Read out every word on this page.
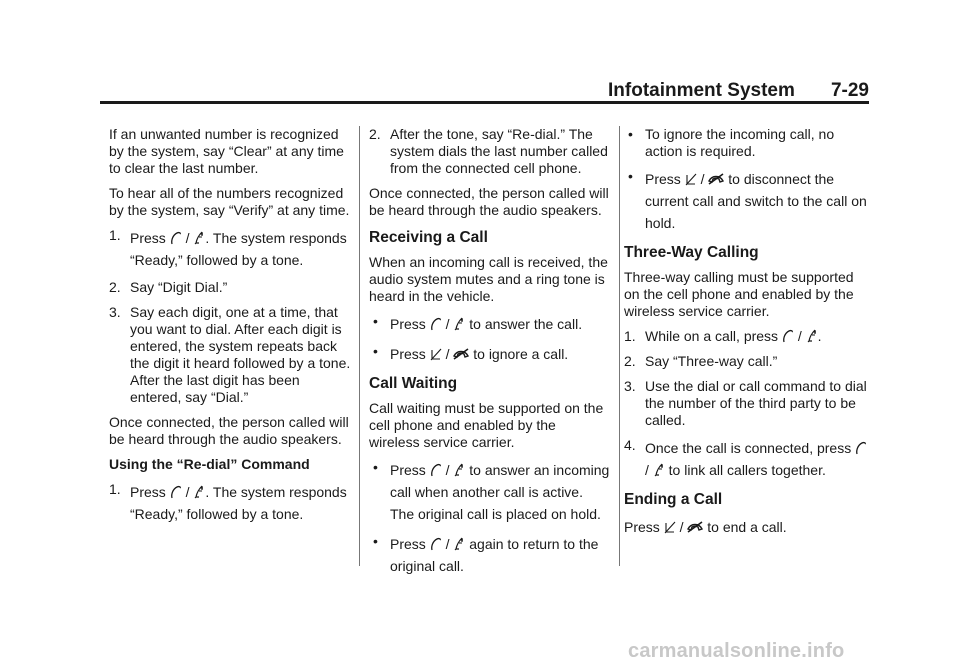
Infotainment System 7-29

If an unwanted number is recognized by the system, say “Clear” at any time to clear the last number.

To hear all of the numbers recognized by the system, say “Verify” at any time.

1. Press
/ . The system responds “Ready,” followed by a tone.
2. Say “Digit Dial.”
3. Say each digit, one at a time, that you want to dial. After each digit is entered, the system repeats back the digit it heard followed by a tone. After the last digit has been entered, say “Dial.”

Once connected, the person called will be heard through the audio speakers.

Using the “Re-dial” Command
1. Press
/ . The system responds “Ready,” followed by a tone.
2. After the tone, say “Re-dial.” The system dials the last number called from the connected cell phone.

Once connected, the person called will be heard through the audio speakers.

Receiving a Call

When an incoming call is received, the audio system mutes and a ring tone is heard in the vehicle.

• Press
/
to answer the call.
• Press
/
to ignore a call.
Call Waiting

Call waiting must be supported on the cell phone and enabled by the wireless service carrier.

• Press
/
to answer an incoming call when another call is active. The original call is placed on hold.
• Press
/
again to return to the original call.
• To ignore the incoming call, no action is required.
• Press
/
to disconnect the current call and switch to the call on hold.
Three-Way Calling

Three-way calling must be supported on the cell phone and enabled by the wireless service carrier.

1. While on a call, press
/ .
2. Say “Three-way call.”
3. Use the dial or call command to dial the number of the third party to be called.
4. Once the call is connected, press
/
to link all callers together.
Ending a Call

Press
/
to end a call.

carmanualsonline.info
